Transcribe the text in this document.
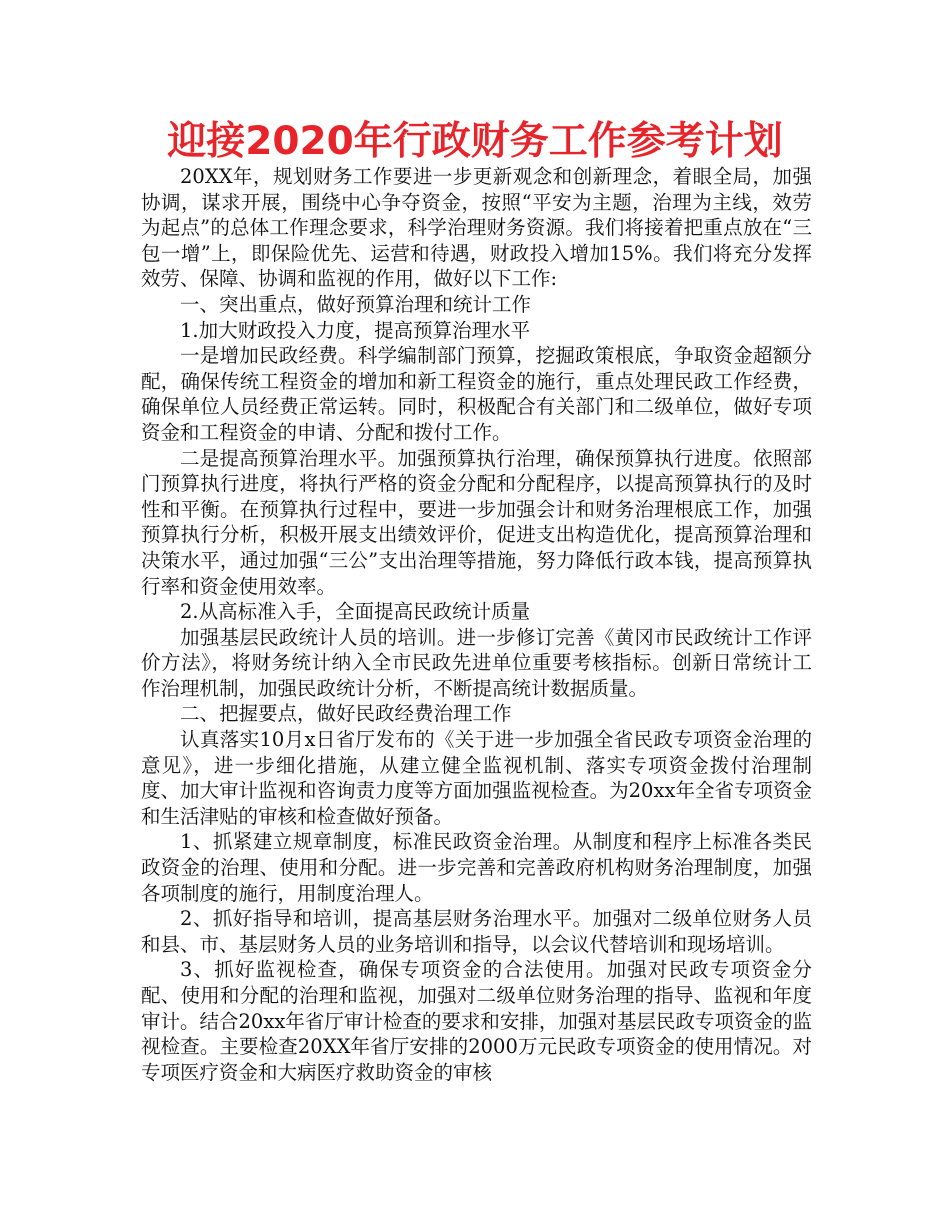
迎接2020年行政财务工作参考计划

20XX年，规划财务工作要进一步更新观念和创新理念，着眼全局，加强协调，谋求开展，围绕中心争夺资金，按照“平安为主题，治理为主线，效劳为起点”的总体工作理念要求，科学治理财务资源。我们将接着把重点放在“三包一增”上，即保险优先、运营和待遇，财政投入增加15%。我们将充分发挥效劳、保障、协调和监视的作用，做好以下工作:

一、突出重点，做好预算治理和统计工作

1.加大财政投入力度，提高预算治理水平

一是增加民政经费。科学编制部门预算，挖掘政策根底，争取资金超额分配，确保传统工程资金的增加和新工程资金的施行，重点处理民政工作经费，确保单位人员经费正常运转。同时，积极配合有关部门和二级单位，做好专项资金和工程资金的申请、分配和拨付工作。

二是提高预算治理水平。加强预算执行治理，确保预算执行进度。依照部门预算执行进度，将执行严格的资金分配和分配程序，以提高预算执行的及时性和平衡。在预算执行过程中，要进一步加强会计和财务治理根底工作，加强预算执行分析，积极开展支出绩效评价，促进支出构造优化，提高预算治理和决策水平，通过加强“三公”支出治理等措施，努力降低行政本钱，提高预算执行率和资金使用效率。

2.从高标准入手，全面提高民政统计质量

加强基层民政统计人员的培训。进一步修订完善《黄冈市民政统计工作评价方法》，将财务统计纳入全市民政先进单位重要考核指标。创新日常统计工作治理机制，加强民政统计分析，不断提高统计数据质量。

二、把握要点，做好民政经费治理工作

认真落实10月x日省厅发布的《关于进一步加强全省民政专项资金治理的意见》，进一步细化措施，从建立健全监视机制、落实专项资金拨付治理制度、加大审计监视和咨询责力度等方面加强监视检查。为20xx年全省专项资金和生活津贴的审核和检查做好预备。

1、抓紧建立规章制度，标准民政资金治理。从制度和程序上标准各类民政资金的治理、使用和分配。进一步完善和完善政府机构财务治理制度，加强各项制度的施行，用制度治理人。

2、抓好指导和培训，提高基层财务治理水平。加强对二级单位财务人员和县、市、基层财务人员的业务培训和指导，以会议代替培训和现场培训。

3、抓好监视检查，确保专项资金的合法使用。加强对民政专项资金分配、使用和分配的治理和监视，加强对二级单位财务治理的指导、监视和年度审计。结合20xx年省厅审计检查的要求和安排，加强对基层民政专项资金的监视检查。主要检查20XX年省厅安排的2000万元民政专项资金的使用情况。对专项医疗资金和大病医疗救助资金的审核
